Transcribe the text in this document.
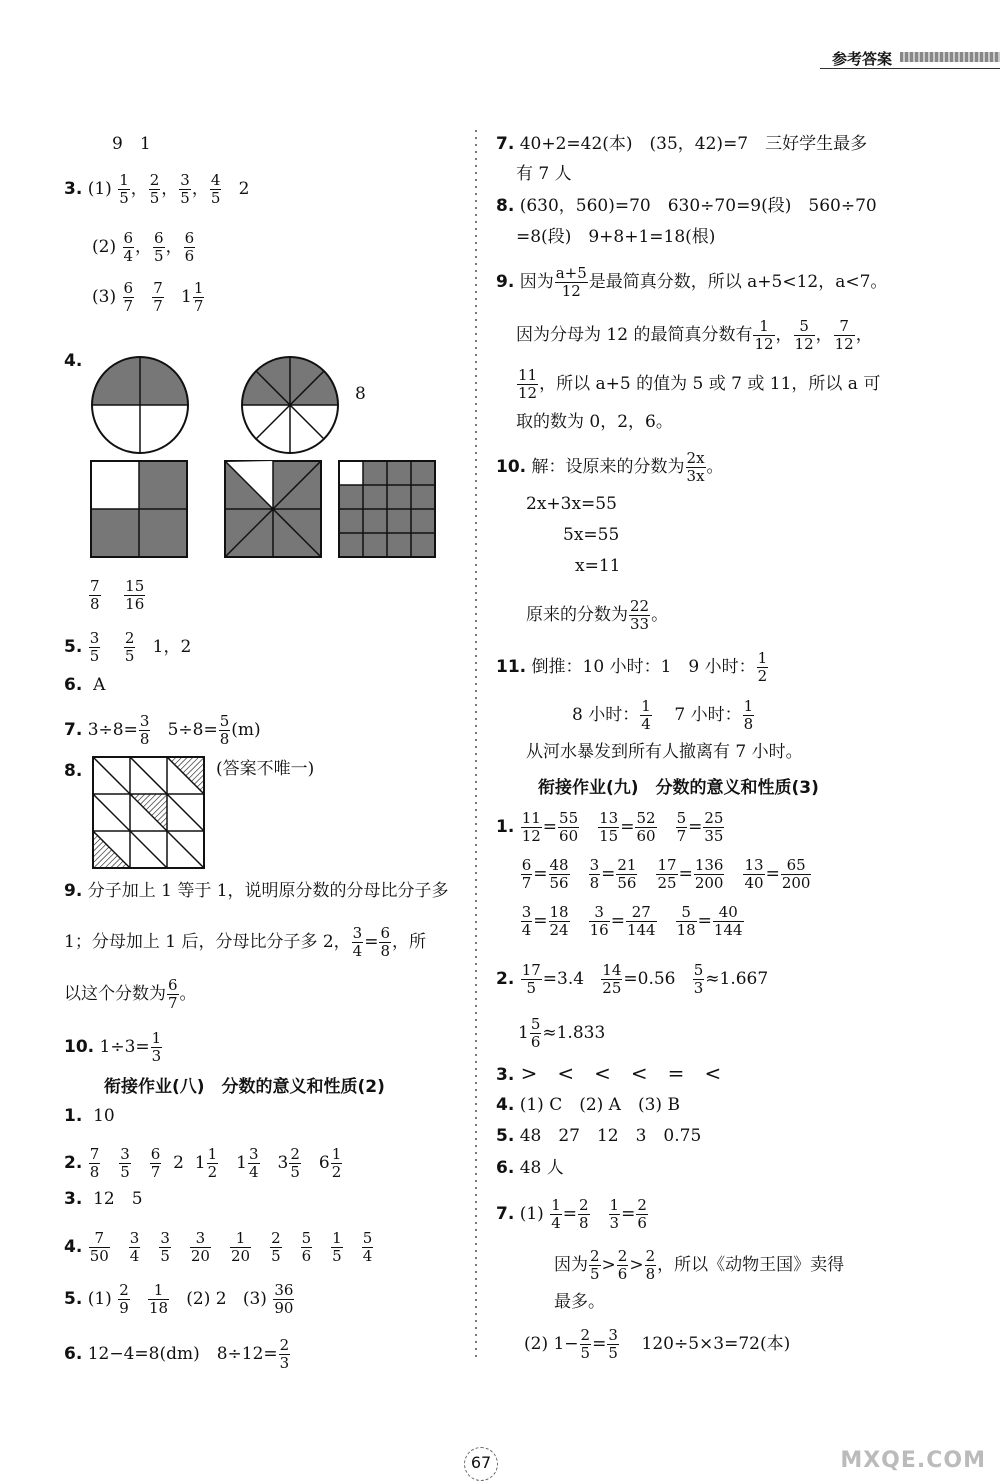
参考答案
9　1
3. $(1) \frac{1}{5}$ ， $\frac{2}{5}$ ， $\frac{3}{5}$ ， $\frac{4}{5} 2$
$(2) \frac{6}{4}$ ， $\frac{6}{5}$ ， $\frac{6}{6}$
$(3) \frac{6}{7}$
$\frac{7}{7} 1 \frac{1}{7}$
4.
8
$\frac{7}{8}$
$\frac{15}{16}$
5. $\frac{3}{5}$
$\frac{2}{5} 1$，2
6. A
7. $3\div 8= \frac{3}{8} 5\div 8= \frac{5}{8} (m)$
8.	(答案不唯一)
9. 分子加上 1 等于 1，说明原分数的分母比分子多
1；分母加上 1 后，分母比分子多 2， $\frac{3}{4} = \frac{6}{8}$ ，所
以这个分数为 $\frac{6}{7}$ 。
10. $1\div 3= \frac{1}{3}$
衔接作业(八)　分数的意义和性质(2)
1. 10
2. $\frac{7}{8}$
　 $\frac{3}{5}$
　 $\frac{6}{7} 2$ $1 \frac{1}{2}$
　 $1 \frac{3}{4}$
　 $3 \frac{2}{5}$
　 $6 \frac{1}{2}$
3. 12　5
4. $\frac{7}{50}$
　 $\frac{3}{4}$
　 $\frac{3}{5}$
　 $\frac{3}{20}$
　 $\frac{1}{20}$
　 $\frac{2}{5}$
　 $\frac{5}{6}$
　 $\frac{1}{5}$
　 $\frac{5}{4}$
5. $(1) \frac{2}{9}$
$\frac{1}{18} (2)$ 2 $(3) \frac{36}{90}$
6. 12−4=8(dm)　$8\div 12= \frac{2}{3}$
7. 40+2=42(本)　(35，42)=7　三好学生最多
有 7 人
8. (630，560)=70　630÷70=9(段)　560÷70
=8(段)　9+8+1=18(根)
9. 因为 $\frac{a+5}{12}$ 是最简真分数，所以 a+5<12，a<7。
因为分母为 12 的最简真分数有 $\frac{1}{12}$ ， $\frac{5}{12}$ ， $\frac{7}{12}$ ，
$\frac{11}{12}$ ，所以 a+5 的值为 5 或 7 或 11，所以 a 可
取的数为 0，2，6。
10. 解：设原来的分数为 $\frac{2x}{3x}$ 。
2x+3x=55
5x=55
x=11
原来的分数为 $\frac{22}{33}$ 。
11. 倒推：10 小时：1　9 小时： $\frac{1}{2}$
8 小时： $\frac{1}{4} 7$ 小时： $\frac{1}{8}$
从河水暴发到所有人撤离有 7 小时。
衔接作业(九)　分数的意义和性质(3)
1. $\frac{11}{12} = \frac{55}{60}$
　 $\frac{13}{15} = \frac{52}{60}$
　 $\frac{5}{7} = \frac{25}{35}$
$\frac{6}{7} = \frac{48}{56}$
　 $\frac{3}{8} = \frac{21}{56}$
　 $\frac{17}{25} = \frac{136}{200}$
　 $\frac{13}{40} = \frac{65}{200}$
$\frac{3}{4} = \frac{18}{24}$
　 $\frac{3}{16} = \frac{27}{144}$
　 $\frac{5}{18} = \frac{40}{144}$
2. $\frac{17}{5} =3.4 \frac{14}{25} =0.56 \frac{5}{3} \approx 1.667$
$1 \frac{5}{6} \approx 1.833$
3. >　<　<　<　=　<
4. (1) C　(2) A　(3) B
5. 48　27　12　3　0.75
6. 48 人
7. $(1) \frac{1}{4} = \frac{2}{8}$
　 $\frac{1}{3} = \frac{2}{6}$
因为 $\frac{2}{5} > \frac{2}{6} > \frac{2}{8}$ ，所以《动物王国》卖得
最多。
(2) $1- \frac{2}{5} = \frac{3}{5} 120\div 5\times 3=72$(本)
67	MXQE.COM
